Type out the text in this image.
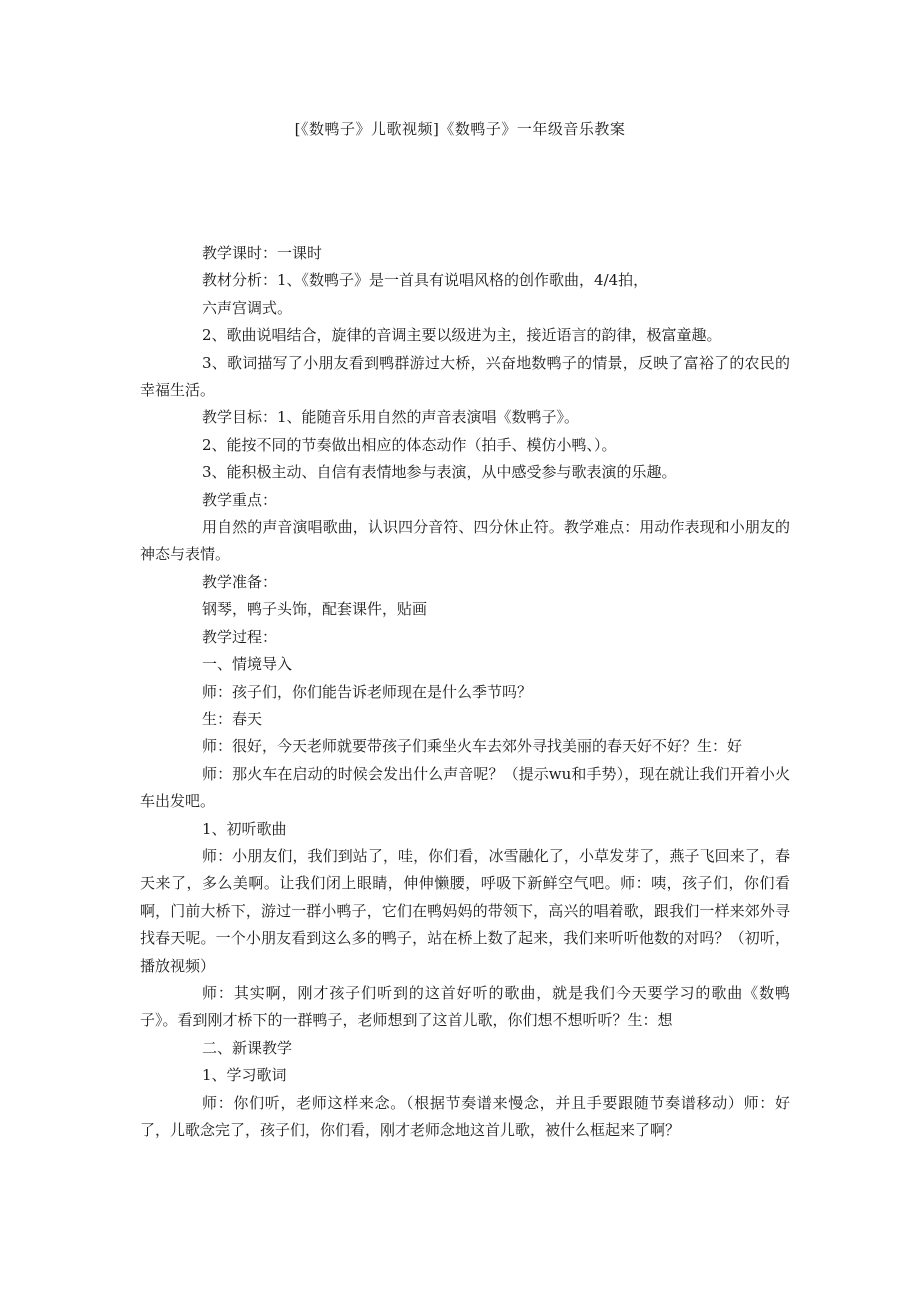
[《数鸭子》儿歌视频]《数鸭子》一年级音乐教案

教学课时：一课时

教材分析：1、《数鸭子》是一首具有说唱风格的创作歌曲，4/4拍，

六声宫调式。

2、歌曲说唱结合，旋律的音调主要以级进为主，接近语言的韵律，极富童趣。

3、歌词描写了小朋友看到鸭群游过大桥，兴奋地数鸭子的情景，反映了富裕了的农民的幸福生活。

教学目标：1、能随音乐用自然的声音表演唱《数鸭子》。

2、能按不同的节奏做出相应的体态动作（拍手、模仿小鸭、）。

3、能积极主动、自信有表情地参与表演，从中感受参与歌表演的乐趣。

教学重点：

用自然的声音演唱歌曲，认识四分音符、四分休止符。教学难点：用动作表现和小朋友的神态与表情。

教学准备：

钢琴，鸭子头饰，配套课件，贴画

教学过程：

一、情境导入

师：孩子们，你们能告诉老师现在是什么季节吗？

生：春天

师：很好，今天老师就要带孩子们乘坐火车去郊外寻找美丽的春天好不好？生：好

师：那火车在启动的时候会发出什么声音呢？（提示wu和手势），现在就让我们开着小火车出发吧。

1、初听歌曲

师：小朋友们，我们到站了，哇，你们看，冰雪融化了，小草发芽了，燕子飞回来了，春天来了，多么美啊。让我们闭上眼睛，伸伸懒腰，呼吸下新鲜空气吧。师：咦，孩子们，你们看啊，门前大桥下，游过一群小鸭子，它们在鸭妈妈的带领下，高兴的唱着歌，跟我们一样来郊外寻找春天呢。一个小朋友看到这么多的鸭子，站在桥上数了起来，我们来听听他数的对吗？（初听，播放视频）

师：其实啊，刚才孩子们听到的这首好听的歌曲，就是我们今天要学习的歌曲《数鸭子》。看到刚才桥下的一群鸭子，老师想到了这首儿歌，你们想不想听听？生：想

二、新课教学

1、学习歌词

师：你们听，老师这样来念。（根据节奏谱来慢念，并且手要跟随节奏谱移动）师：好了，儿歌念完了，孩子们，你们看，刚才老师念地这首儿歌，被什么框起来了啊？
